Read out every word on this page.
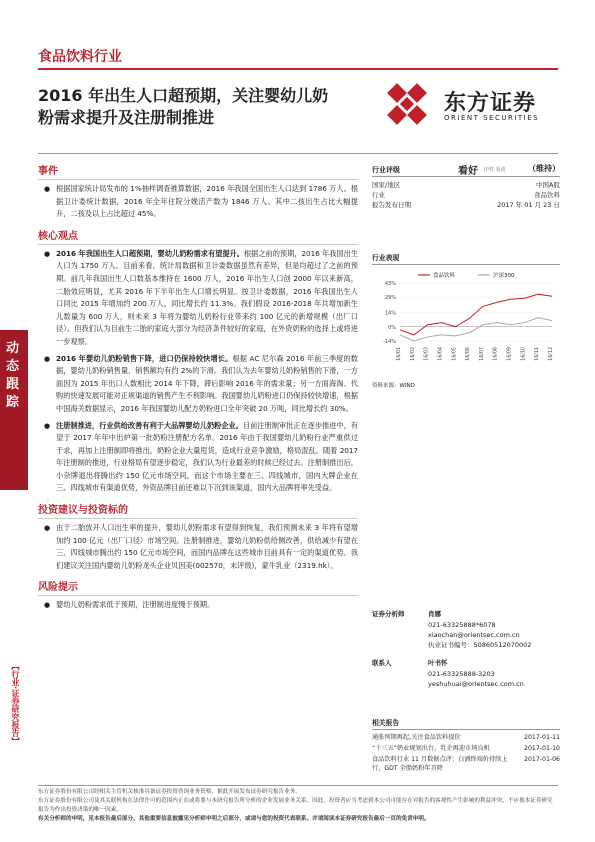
食品饮料行业
2016 年出生人口超预期，关注婴幼儿奶
粉需求提升及注册制推进
东方证券
ORIENT SECURITIES
动态跟踪
【行业·证券研究报告】
事件
● 根据国家统计局发布的 1%抽样调查推算数据，2016 年我国全国出生人口达到 1786 万人。根据卫计委统计数据，2016 年全年住院分娩活产数为 1846 万人。其中二孩出生占比大幅提升，二孩及以上占比超过 45%。
核心观点
● 2016 年我国出生人口超预期，婴幼儿奶粉需求有望提升。根据之前的预期，2016 年我国出生人口为 1750 万人。目前来看，统计局数据和卫计委数据虽然有差异，但是均超过了之前的预期。前几年我国出生人口数基本维持在 1600 万人，2016 年出生人口创 2000 年以来新高，二胎效应明显，尤其 2016 年下半年出生人口增长明显。按卫计委数据，2016 年我国出生人口同比 2015 年增加约 200 万人，同比增长约 11.3%。我们假设 2016-2018 年共增加新生儿数量为 600 万人，则未来 3 年将为婴幼儿奶粉行业带来约 100 亿元的新增规模（出厂口径）。但我们认为目前生二胎的家庭大部分为经济条件较好的家庭，在外资奶粉的选择上或将进一步观察。
● 2016 年婴幼儿奶粉销售下降，进口仍保持较快增长。根据 AC 尼尔森 2016 年前三季度的数据，婴幼儿奶粉销售量，销售额均有约 2%的下滑。我们认为去年婴幼儿奶粉销售的下滑，一方面因为 2015 年出口人数相比 2014 年下降，滞后影响 2016 年的需求量；另一方面海淘、代购的快速发展可能对正规渠道的销售产生不利影响。我国婴幼儿奶粉进口仍保持较快增速，根据中国海关数据显示，2016 年我国婴幼儿配方奶粉进口全年突破 20 万吨，同比增长约 30%。
● 注册制推进，行业供给改善有利于大品牌婴幼儿奶粉企业。目前注册制审批正在逐步推进中，有望于 2017 年年中出炉第一批奶粉注册配方名单。2016 年由于我国婴幼儿奶粉行业严重供过于求，再加上注册制即将推出，奶粉企业大量甩货，造成行业竞争激励，格局混乱。随着 2017 年注册制的推进，行业格局有望逐步稳定，我们认为行业最差的时候已经过去。注册制推出后，小杂牌退出将腾出约 150 亿元市场空间。而这个市场主要在三、四线城市，国内大牌企业在三、四线城市有渠道优势，外资品牌目前还难以下沉到该渠道，国内大品牌将率先受益。
投资建议与投资标的
● 由于二胎放开人口出生率的提升，婴幼儿奶粉需求有望得到恢复，我们预测未来 3 年将有望增加约 100 亿元（出厂口径）市场空间。注册制推进，婴幼儿奶粉供给侧改善，供给减少有望在三、四线城市腾出约 150 亿元市场空间，而国内品牌在这些城市目前具有一定的渠道优势。我们建议关注国内婴幼儿奶粉龙头企业贝因美(002570，未评级)，蒙牛乳业（2319.hk）。
风险提示
● 婴幼儿奶粉需求低于预期，注册制进度慢于预期。
行业评级	看好 中性 看淡	（维持）
国家/地区	中国A股
行业	食品饮料
报告发布日期	2017 年 01 月 23 日
行业表现
食品饮料	沪深300
43%
29%
14%
0%
-14%
16/01 16/02 16/03 16/04 16/05 16/06 16/07 16/08 16/09 16/10 16/11 16/12
资料来源：WIND
证券分析师	肖娜
021-63325888*6078
xiaochan@orientsec.com.cn
执业证书编号：S0860512070002
联系人	叶书怀
021-63325888-3203
yeshuhuai@orientsec.com.cn
相关报告
通胀预期再起,关注食品饮料提价	2017-01-11
“十三五”奶业规划出台，乳企再迎市场良机	2017-01-10
食品饮料行业 11 月数据点评：白酒终端价持续上行，GDT 全脂奶粉年首降
2017-01-06
东方证券股份有限公司经相关主管机关核准具备证券投资咨询业务资格，据此开展发布证券研究报告业务。
东方证券股份有限公司及其关联机构在法律许可的范围内正在或将要与本研究报告所分析的企业发展业务关系。因此，投资者应当考虑到本公司可能存在对报告的客观性产生影响的利益冲突，不应视本证券研究报告为作出投资决策的唯一因素。
有关分析师的申明，见本报告最后部分。其他重要信息披露见分析师申明之后部分，或请与您的投资代表联系。并请阅读本证券研究报告最后一页的免责申明。
